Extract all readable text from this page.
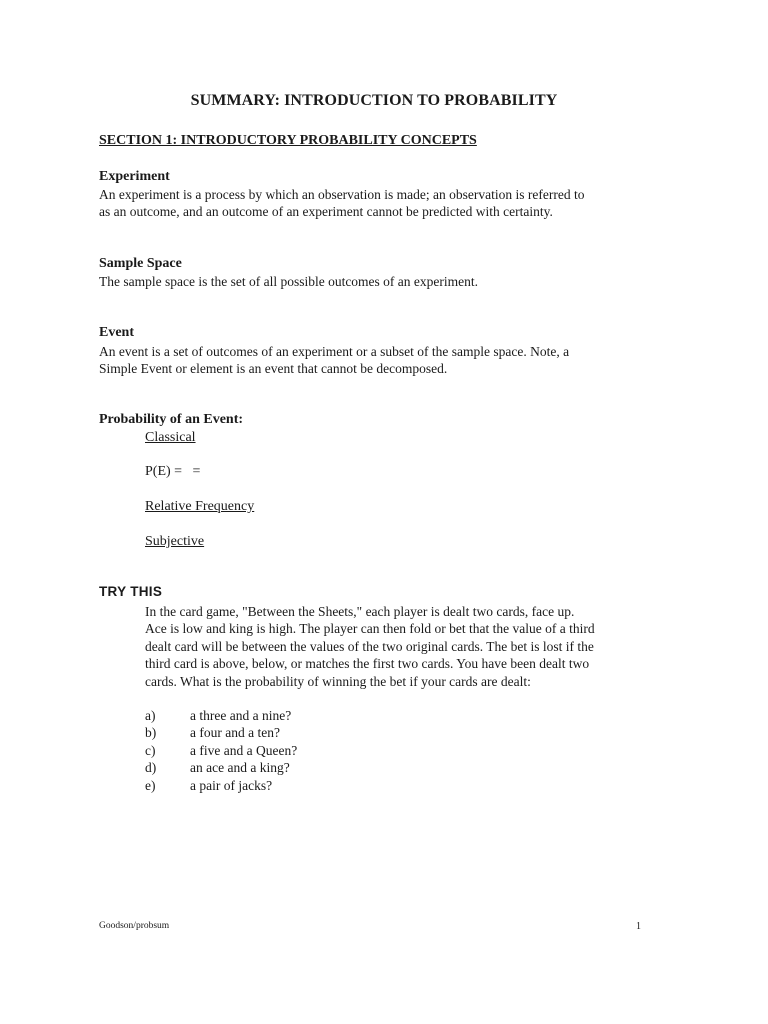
SUMMARY: INTRODUCTION TO PROBABILITY
SECTION 1: INTRODUCTORY PROBABILITY CONCEPTS
Experiment
An experiment is a process by which an observation is made; an observation is referred to
as an outcome, and an outcome of an experiment cannot be predicted with certainty.
Sample Space
The sample space is the set of all possible outcomes of an experiment.
Event
An event is a set of outcomes of an experiment or a subset of the sample space. Note, a
Simple Event or element is an event that cannot be decomposed.
Probability of an Event:
Classical
P(E) =   =
Relative Frequency
Subjective
TRY THIS
In the card game, "Between the Sheets," each player is dealt two cards, face up.
Ace is low and king is high. The player can then fold or bet that the value of a third
dealt card will be between the values of the two original cards. The bet is lost if the
third card is above, below, or matches the first two cards. You have been dealt two
cards. What is the probability of winning the bet if your cards are dealt:
a)	a three and a nine?
b)	a four and a ten?
c)	a five and a Queen?
d)	an ace and a king?
e)	a pair of jacks?
Goodson/probsum	1
